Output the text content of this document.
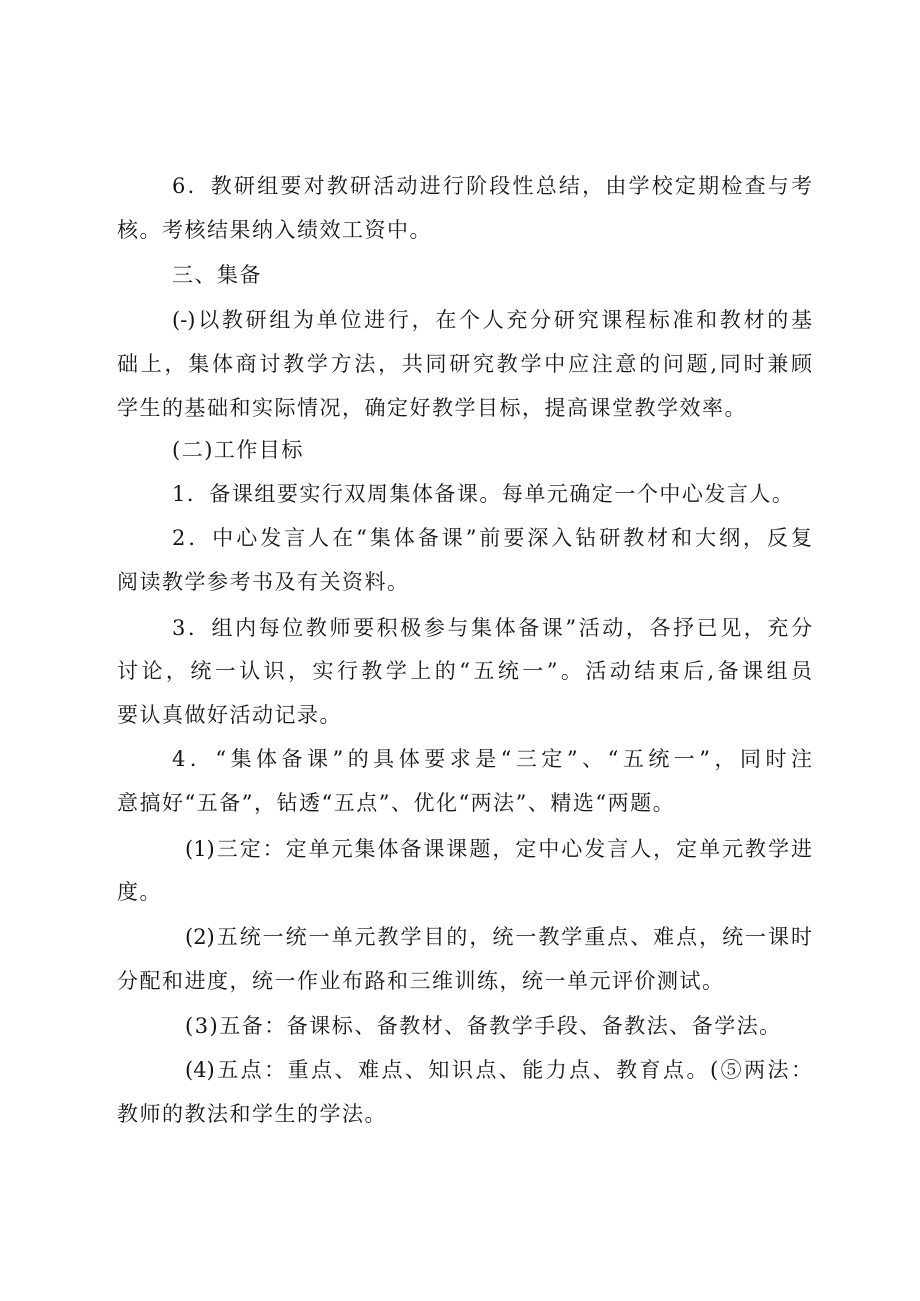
6．教研组要对教研活动进行阶段性总结，由学校定期检查与考
核。考核结果纳入绩效工资中。
三、集备
(-)以教研组为单位进行，在个人充分研究课程标准和教材的基
础上，集体商讨教学方法，共同研究教学中应注意的问题,同时兼顾
学生的基础和实际情况，确定好教学目标，提高课堂教学效率。
(二)工作目标
1．备课组要实行双周集体备课。每单元确定一个中心发言人。
2．中心发言人在“集体备课”前要深入钻研教材和大纲，反复
阅读教学参考书及有关资料。
3．组内每位教师要积极参与集体备课”活动，各抒已见，充分
讨论，统一认识，实行教学上的“五统一”。活动结束后,备课组员
要认真做好活动记录。
4．“集体备课”的具体要求是“三定”、“五统一”，同时注
意搞好“五备”，钻透“五点”、优化“两法”、精选“两题。
(1)三定：定单元集体备课课题，定中心发言人，定单元教学进
度。
(2)五统一统一单元教学目的，统一教学重点、难点，统一课时
分配和进度，统一作业布路和三维训练，统一单元评价测试。
(3)五备：备课标、备教材、备教学手段、备教法、备学法。
(4)五点：重点、难点、知识点、能力点、教育点。(⑤两法：
教师的教法和学生的学法。
